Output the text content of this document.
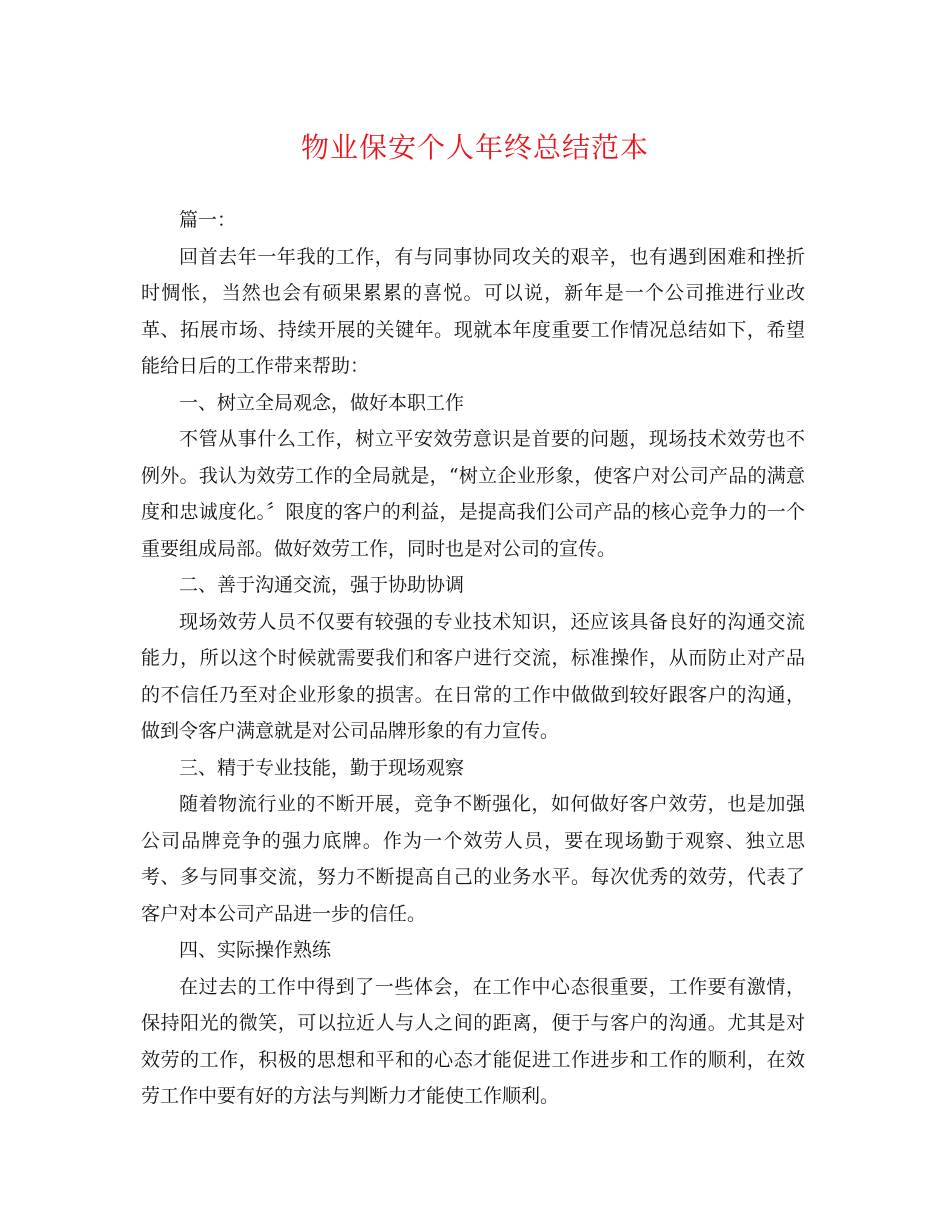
物业保安个人年终总结范本

篇一：

回首去年一年我的工作，有与同事协同攻关的艰辛，也有遇到困难和挫折时惆怅，当然也会有硕果累累的喜悦。可以说，新年是一个公司推进行业改革、拓展市场、持续开展的关键年。现就本年度重要工作情况总结如下，希望能给日后的工作带来帮助：

一、树立全局观念，做好本职工作

不管从事什么工作，树立平安效劳意识是首要的问题，现场技术效劳也不例外。我认为效劳工作的全局就是，“树立企业形象，使客户对公司产品的满意度和忠诚度化。〞限度的客户的利益，是提高我们公司产品的核心竞争力的一个重要组成局部。做好效劳工作，同时也是对公司的宣传。

二、善于沟通交流，强于协助协调

现场效劳人员不仅要有较强的专业技术知识，还应该具备良好的沟通交流能力，所以这个时候就需要我们和客户进行交流，标准操作，从而防止对产品的不信任乃至对企业形象的损害。在日常的工作中做做到较好跟客户的沟通，做到令客户满意就是对公司品牌形象的有力宣传。

三、精于专业技能，勤于现场观察

随着物流行业的不断开展，竞争不断强化，如何做好客户效劳，也是加强公司品牌竞争的强力底牌。作为一个效劳人员，要在现场勤于观察、独立思考、多与同事交流，努力不断提高自己的业务水平。每次优秀的效劳，代表了客户对本公司产品进一步的信任。

四、实际操作熟练

在过去的工作中得到了一些体会，在工作中心态很重要，工作要有激情，保持阳光的微笑，可以拉近人与人之间的距离，便于与客户的沟通。尤其是对效劳的工作，积极的思想和平和的心态才能促进工作进步和工作的顺利，在效劳工作中要有好的方法与判断力才能使工作顺利。
